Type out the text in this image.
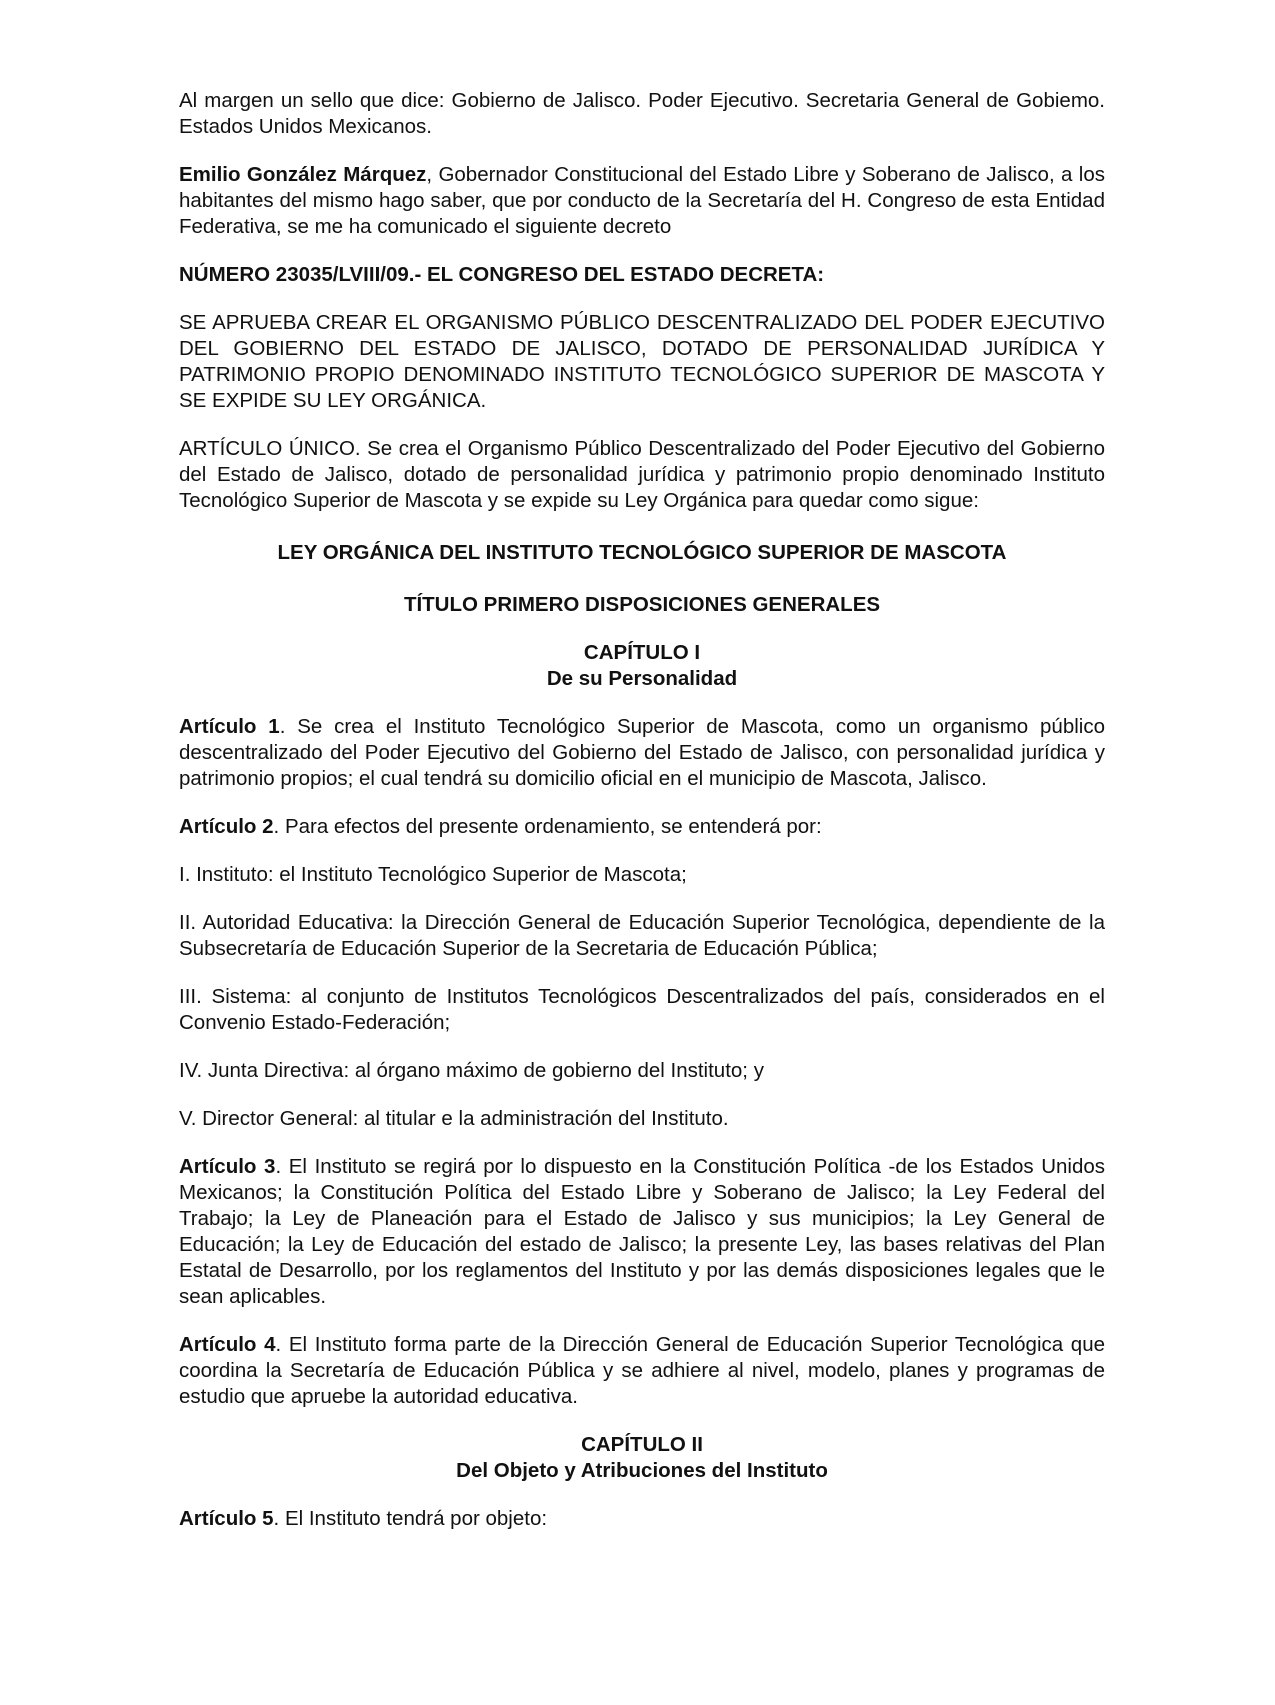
Al margen un sello que dice: Gobierno de Jalisco. Poder Ejecutivo. Secretaria General de Gobiemo. Estados Unidos Mexicanos.

Emilio González Márquez, Gobernador Constitucional del Estado Libre y Soberano de Jalisco, a los habitantes del mismo hago saber, que por conducto de la Secretaría del H. Congreso de esta Entidad Federativa, se me ha comunicado el siguiente decreto

NÚMERO 23035/LVIII/09.- EL CONGRESO DEL ESTADO DECRETA:

SE APRUEBA CREAR EL ORGANISMO PÚBLICO DESCENTRALIZADO DEL PODER EJECUTIVO DEL GOBIERNO DEL ESTADO DE JALISCO, DOTADO DE PERSONALIDAD JURÍDICA Y PATRIMONIO PROPIO DENOMINADO INSTITUTO TECNOLÓGICO SUPERIOR DE MASCOTA Y SE EXPIDE SU LEY ORGÁNICA.

ARTÍCULO ÚNICO. Se crea el Organismo Público Descentralizado del Poder Ejecutivo del Gobierno del Estado de Jalisco, dotado de personalidad jurídica y patrimonio propio denominado Instituto Tecnológico Superior de Mascota y se expide su Ley Orgánica para quedar como sigue:

LEY ORGÁNICA DEL INSTITUTO TECNOLÓGICO SUPERIOR DE MASCOTA

TÍTULO PRIMERO DISPOSICIONES GENERALES

CAPÍTULO I

De su Personalidad

Artículo 1. Se crea el Instituto Tecnológico Superior de Mascota, como un organismo público descentralizado del Poder Ejecutivo del Gobierno del Estado de Jalisco, con personalidad jurídica y patrimonio propios; el cual tendrá su domicilio oficial en el municipio de Mascota, Jalisco.

Artículo 2. Para efectos del presente ordenamiento, se entenderá por:

I. Instituto: el Instituto Tecnológico Superior de Mascota;

II. Autoridad Educativa: la Dirección General de Educación Superior Tecnológica, dependiente de la Subsecretaría de Educación Superior de la Secretaria de Educación Pública;

III. Sistema: al conjunto de Institutos Tecnológicos Descentralizados del país, considerados en el Convenio Estado-Federación;

IV. Junta Directiva: al órgano máximo de gobierno del Instituto; y

V. Director General: al titular e la administración del Instituto.

Artículo 3. El Instituto se regirá por lo dispuesto en la Constitución Política -de los Estados Unidos Mexicanos; la Constitución Política del Estado Libre y Soberano de Jalisco; la Ley Federal del Trabajo; la Ley de Planeación para el Estado de Jalisco y sus municipios; la Ley General de Educación; la Ley de Educación del estado de Jalisco; la presente Ley, las bases relativas del Plan Estatal de Desarrollo, por los reglamentos del Instituto y por las demás disposiciones legales que le sean aplicables.

Artículo 4. El Instituto forma parte de la Dirección General de Educación Superior Tecnológica que coordina la Secretaría de Educación Pública y se adhiere al nivel, modelo, planes y programas de estudio que apruebe la autoridad educativa.

CAPÍTULO II

Del Objeto y Atribuciones del Instituto

Artículo 5. El Instituto tendrá por objeto:
